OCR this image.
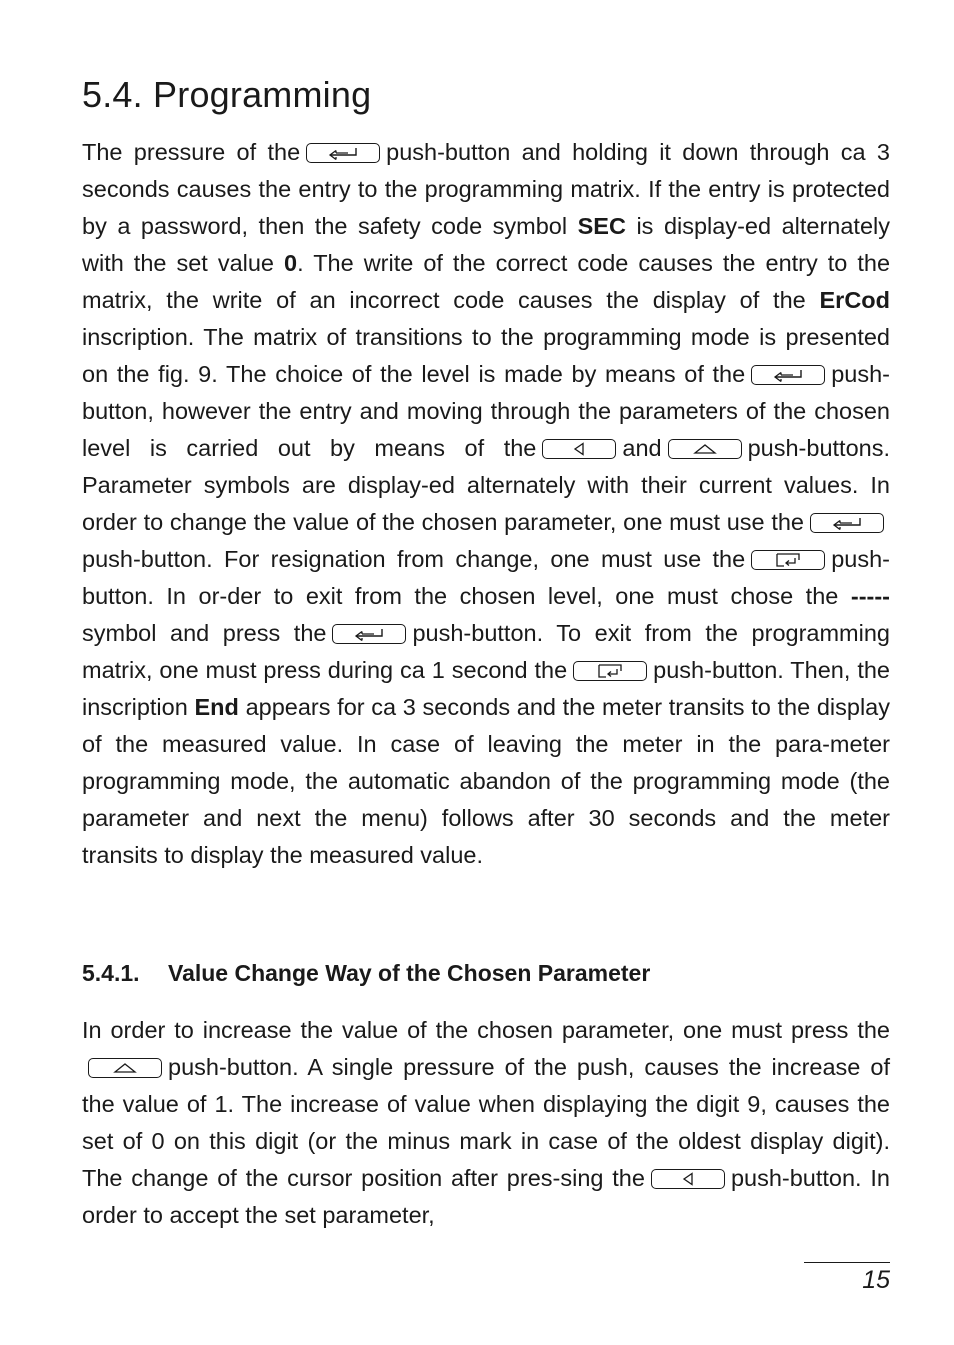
5.4. Programming

The pressure of the	push-button and holding it down through ca 3 seconds causes the entry to the programming matrix. If the entry is protected by a password, then the safety code symbol SEC is display-ed alternately with the set value 0. The write of the correct code causes the entry to the matrix, the write of an incorrect code causes the display of the ErCod inscription. The matrix of transitions to the programming mode is presented on the fig. 9. The choice of the level is made by means of the	push-button, however the entry and moving through the parameters of the chosen level is carried out by means of the	and	push-buttons. Parameter symbols are display-ed alternately with their current values. In order to change the value of the chosen parameter, one must use the
push-button. For resignation from change, one must use the	push-button. In or-der to exit from the chosen level, one must chose the ----- symbol and press the	push-button. To exit from the programming matrix, one must press during ca 1 second the	push-button. Then, the inscription End appears for ca 3 seconds and the meter transits to the display of the measured value. In case of leaving the meter in the para-meter programming mode, the automatic abandon of the programming mode (the parameter and next the menu) follows after 30 seconds and the meter transits to display the measured value.

5.4.1. Value Change Way of the Chosen Parameter

In order to increase the value of the chosen parameter, one must press the
push-button. A single pressure of the push, causes the increase of the value of 1. The increase of value when displaying the digit 9, causes the set of 0 on this digit (or the minus mark in case of the oldest display digit). The change of the cursor position after pres-sing the	push-button. In order to accept the set parameter,

15
